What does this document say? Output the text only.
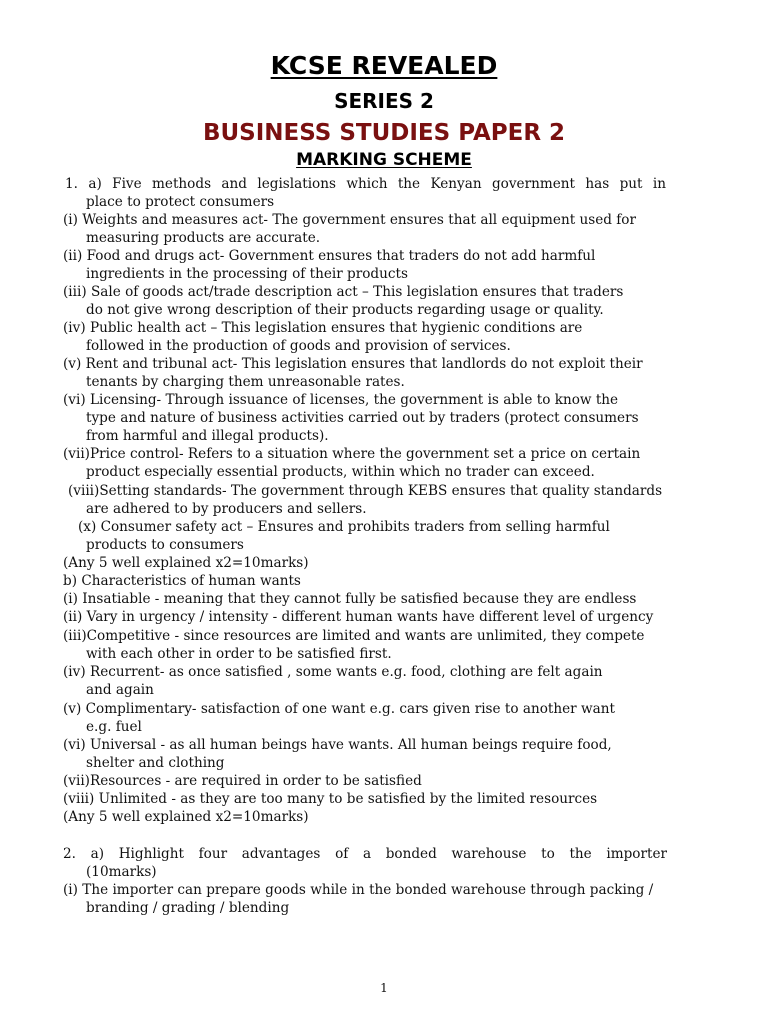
KCSE REVEALED
SERIES 2
BUSINESS STUDIES PAPER 2
MARKING SCHEME
1. a) Five methods and legislations which the Kenyan government has put in
place to protect consumers
(i) Weights and measures act- The government ensures that all equipment used for
measuring products are accurate.
(ii) Food and drugs act- Government ensures that traders do not add harmful
ingredients in the processing of their products
(iii) Sale of goods act/trade description act – This legislation ensures that traders
do not give wrong description of their products regarding usage or quality.
(iv) Public health act – This legislation ensures that hygienic conditions are
followed in the production of goods and provision of services.
(v) Rent and tribunal act- This legislation ensures that landlords do not exploit their
tenants by charging them unreasonable rates.
(vi) Licensing- Through issuance of licenses, the government is able to know the
type and nature of business activities carried out by traders (protect consumers
from harmful and illegal products).
(vii)Price control- Refers to a situation where the government set a price on certain
product especially essential products, within which no trader can exceed.
(viii)Setting standards- The government through KEBS ensures that quality standards
are adhered to by producers and sellers.
(x) Consumer safety act – Ensures and prohibits traders from selling harmful
products to consumers
(Any 5 well explained x2=10marks)
b) Characteristics of human wants
(i) Insatiable - meaning that they cannot fully be satisfied because they are endless
(ii) Vary in urgency / intensity - different human wants have different level of urgency
(iii)Competitive - since resources are limited and wants are unlimited, they compete
with each other in order to be satisfied first.
(iv) Recurrent- as once satisfied , some wants e.g. food, clothing are felt again
and again
(v) Complimentary- satisfaction of one want e.g. cars given rise to another want
e.g. fuel
(vi) Universal - as all human beings have wants. All human beings require food,
shelter and clothing
(vii)Resources - are required in order to be satisfied
(viii) Unlimited - as they are too many to be satisfied by the limited resources
(Any 5 well explained x2=10marks)
2. a) Highlight four advantages of a bonded warehouse to the importer
(10marks)
(i) The importer can prepare goods while in the bonded warehouse through packing /
branding / grading / blending
1
